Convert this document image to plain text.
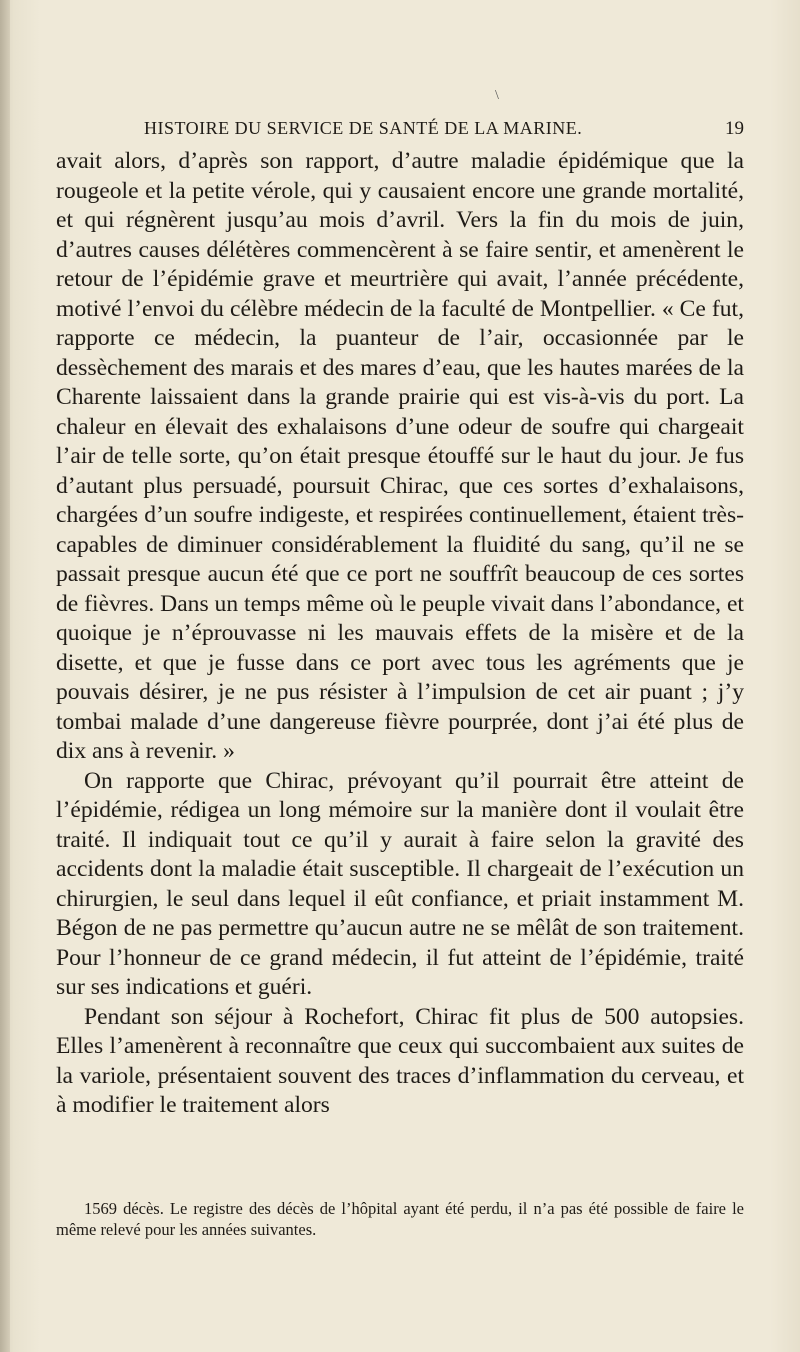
\
HISTOIRE DU SERVICE DE SANTÉ DE LA MARINE.	19

avait alors, d’après son rapport, d’autre maladie épidémique que la rougeole et la petite vérole, qui y causaient encore une grande mortalité, et qui régnèrent jusqu’au mois d’avril. Vers la fin du mois de juin, d’autres causes délétères commencèrent à se faire sentir, et amenèrent le retour de l’épidémie grave et meurtrière qui avait, l’année précédente, motivé l’envoi du célèbre médecin de la faculté de Montpellier. « Ce fut, rapporte ce médecin, la puanteur de l’air, occasionnée par le dessèchement des marais et des mares d’eau, que les hautes marées de la Charente laissaient dans la grande prairie qui est vis-à-vis du port. La chaleur en élevait des exhalaisons d’une odeur de soufre qui chargeait l’air de telle sorte, qu’on était presque étouffé sur le haut du jour. Je fus d’autant plus persuadé, poursuit Chirac, que ces sortes d’exhalaisons, chargées d’un soufre indigeste, et respirées continuellement, étaient très-capables de diminuer considérablement la fluidité du sang, qu’il ne se passait presque aucun été que ce port ne souffrît beaucoup de ces sortes de fièvres. Dans un temps même où le peuple vivait dans l’abondance, et quoique je n’éprouvasse ni les mauvais effets de la misère et de la disette, et que je fusse dans ce port avec tous les agréments que je pouvais désirer, je ne pus résister à l’impulsion de cet air puant ; j’y tombai malade d’une dangereuse fièvre pourprée, dont j’ai été plus de dix ans à revenir. »

On rapporte que Chirac, prévoyant qu’il pourrait être atteint de l’épidémie, rédigea un long mémoire sur la manière dont il voulait être traité. Il indiquait tout ce qu’il y aurait à faire selon la gravité des accidents dont la maladie était susceptible. Il chargeait de l’exécution un chirurgien, le seul dans lequel il eût confiance, et priait instamment M. Bégon de ne pas permettre qu’aucun autre ne se mêlât de son traitement. Pour l’honneur de ce grand médecin, il fut atteint de l’épidémie, traité sur ses indications et guéri.

Pendant son séjour à Rochefort, Chirac fit plus de 500 autopsies. Elles l’amenèrent à reconnaître que ceux qui succombaient aux suites de la variole, présentaient souvent des traces d’inflammation du cerveau, et à modifier le traitement alors

1569 décès. Le registre des décès de l’hôpital ayant été perdu, il n’a pas été possible de faire le même relevé pour les années suivantes.
